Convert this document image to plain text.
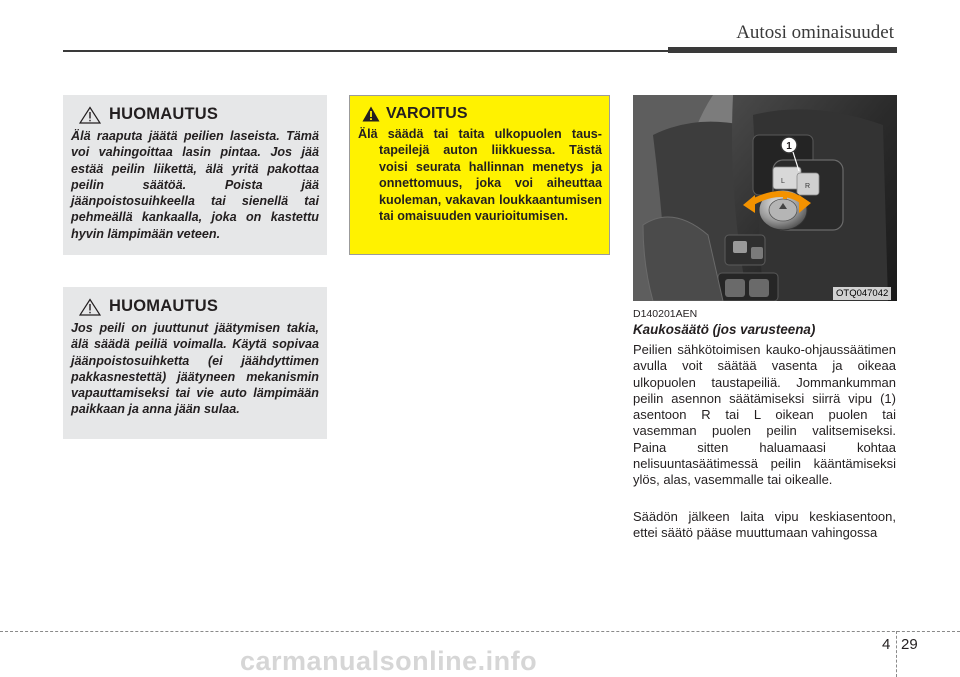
Autosi ominaisuudet
HUOMAUTUS
Älä raaputa jäätä peilien laseista. Tämä voi vahingoittaa lasin pintaa. Jos jää estää peilin liikettä, älä yritä pakottaa peilin säätöä. Poista jää jäänpoistosuihkeella tai sienellä tai pehmeällä kankaalla, joka on kastettu hyvin lämpimään veteen.
HUOMAUTUS
Jos peili on juuttunut jäätymisen takia, älä säädä peiliä voimalla. Käytä sopivaa jäänpoistosuihketta (ei jäähdyttimen pakkasnestettä) jäätyneen mekanismin vapauttamiseksi tai vie auto lämpimään paikkaan ja anna jään sulaa.
VAROITUS
Älä säädä tai taita ulkopuolen taustapeilejä auton liikkuessa. Tästä voisi seurata hallinnan menetys ja onnettomuus, joka voi aiheuttaa kuoleman, vakavan loukkaantumisen tai omaisuuden vaurioitumisen.
L
R
1
OTQ047042
D140201AEN
Kaukosäätö (jos varusteena)
Peilien sähkötoimisen kauko-ohjaussäätimen avulla voit säätää vasenta ja oikeaa ulkopuolen taustapeiliä. Jommankumman peilin asennon säätämiseksi siirrä vipu (1) asentoon R tai L oikean puolen tai vasemman puolen peilin valitsemiseksi. Paina sitten haluamaasi kohtaa nelisuuntasäätimessä peilin kääntämiseksi ylös, alas, vasemmalle tai oikealle.
Säädön jälkeen laita vipu keskiasentoon, ettei säätö pääse muuttumaan vahingossa
4 29
carmanualsonline.info
